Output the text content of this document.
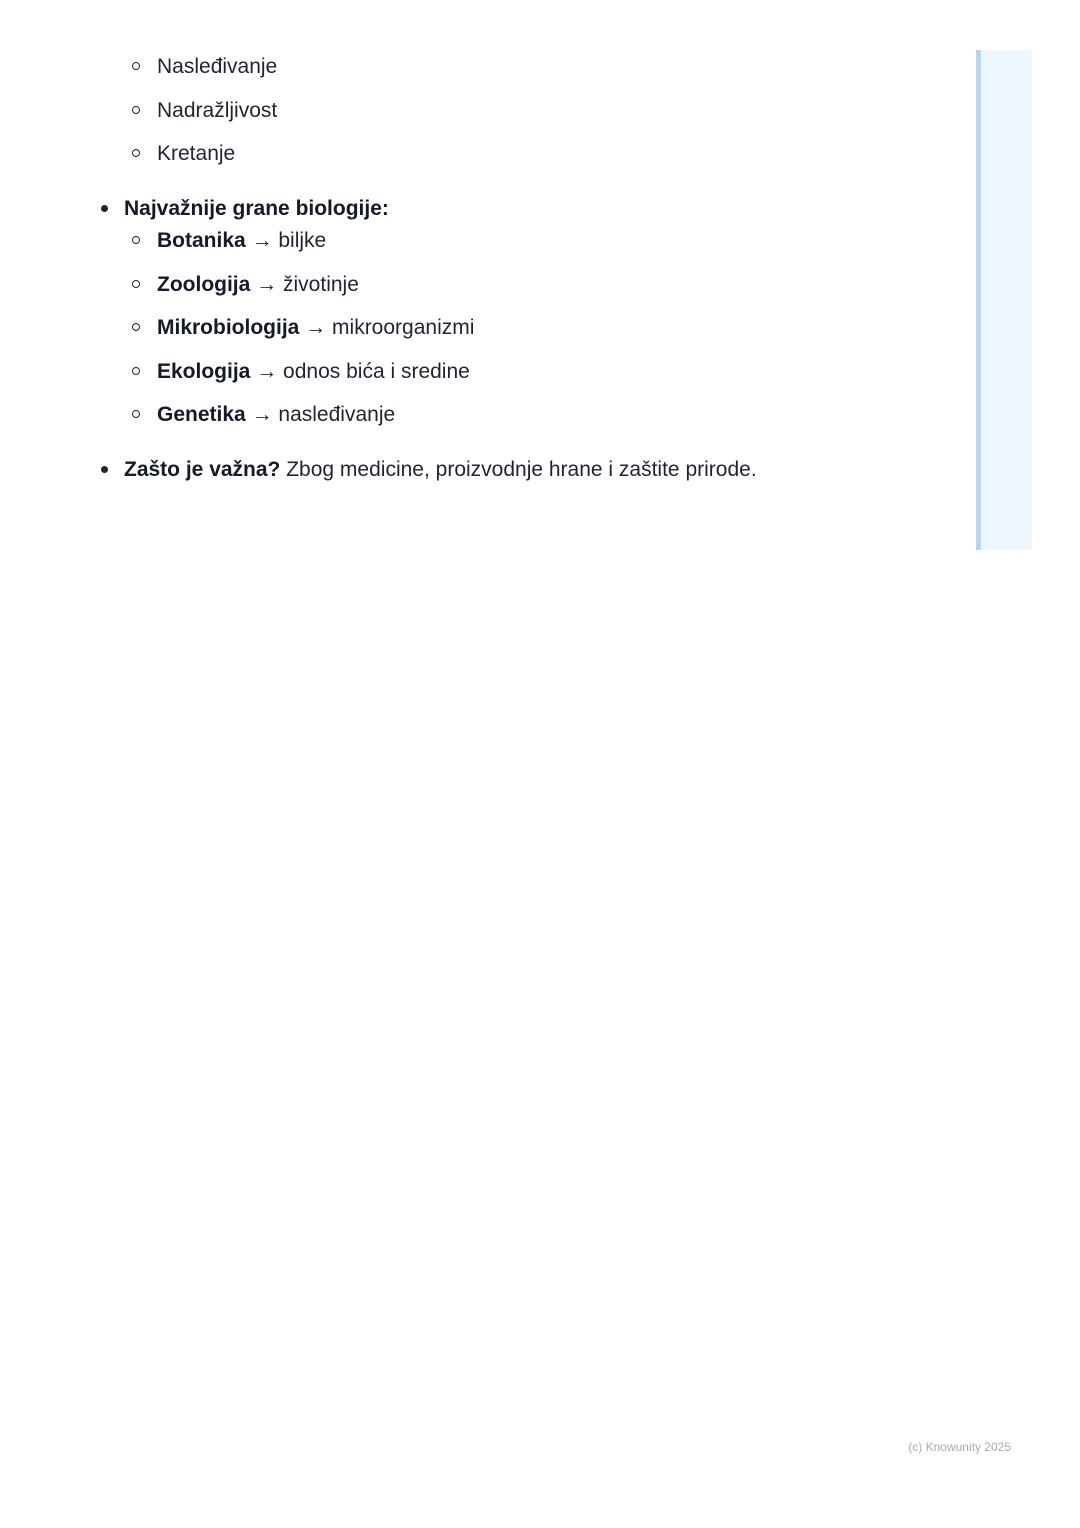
Nasleđivanje
Nadražljivost
Kretanje
Najvažnije grane biologije:
Botanika → biljke
Zoologija → životinje
Mikrobiologija → mikroorganizmi
Ekologija → odnos bića i sredine
Genetika → nasleđivanje
Zašto je važna? Zbog medicine, proizvodnje hrane i zaštite prirode.
(c) Knowunity 2025
